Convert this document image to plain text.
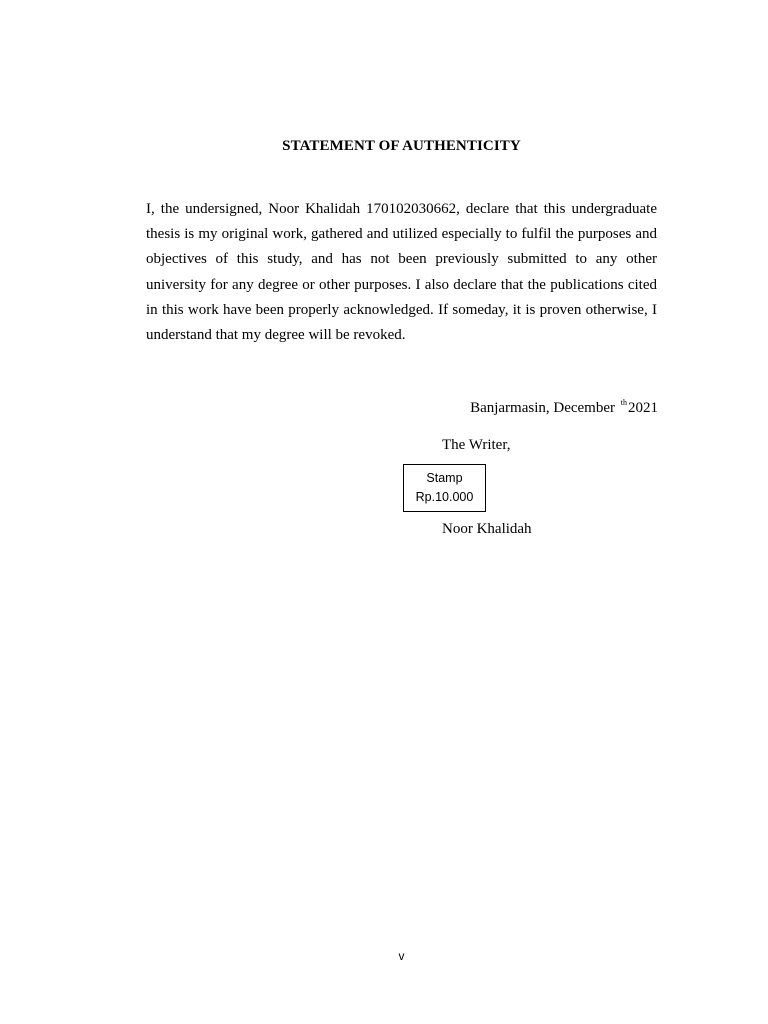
STATEMENT OF AUTHENTICITY

I, the undersigned, Noor Khalidah 170102030662, declare that this undergraduate thesis is my original work, gathered and utilized especially to fulfil the purposes and objectives of this study, and has not been previously submitted to any other university for any degree or other purposes. I also declare that the publications cited in this work have been properly acknowledged. If someday, it is proven otherwise, I understand that my degree will be revoked.

Banjarmasin, December $^{th}$2021
The Writer,
Stamp
Rp.10.000
Noor Khalidah
v
